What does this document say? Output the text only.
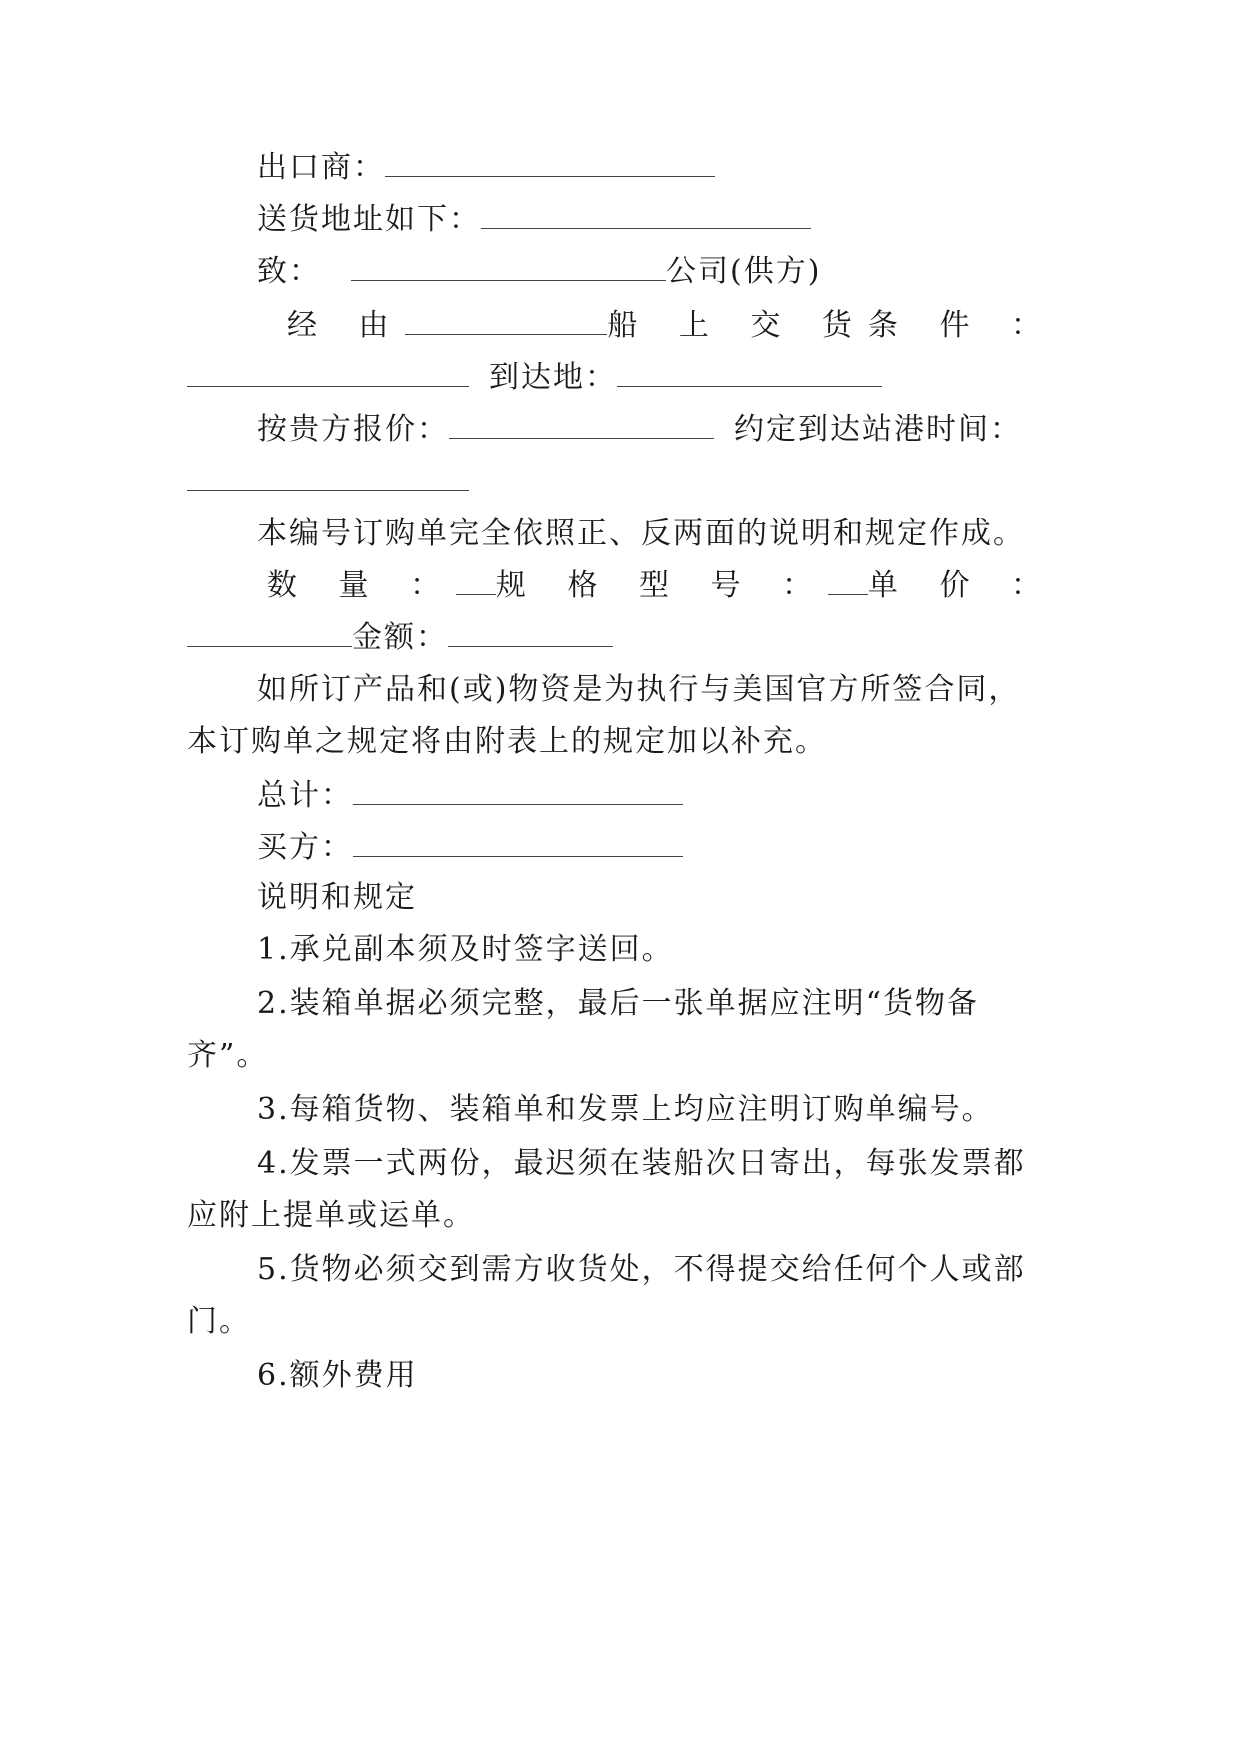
出口商：
送货地址如下：
致：	公司(供方)
经 由	船 上 交 货 条 件 ：
到达地：
按贵方报价：	约定到达站港时间：
本编号订购单完全依照正、反两面的说明和规定作成。
数 量 ： 规 格 型 号 ： 单 价 ：
金额：
如所订产品和(或)物资是为执行与美国官方所签合同，
本订购单之规定将由附表上的规定加以补充。
总计：
买方：
说明和规定
1.承兑副本须及时签字送回。
2.装箱单据必须完整，最后一张单据应注明“货物备
齐”。
3.每箱货物、装箱单和发票上均应注明订购单编号。
4.发票一式两份，最迟须在装船次日寄出，每张发票都
应附上提单或运单。
5.货物必须交到需方收货处，不得提交给任何个人或部
门。
6.额外费用
